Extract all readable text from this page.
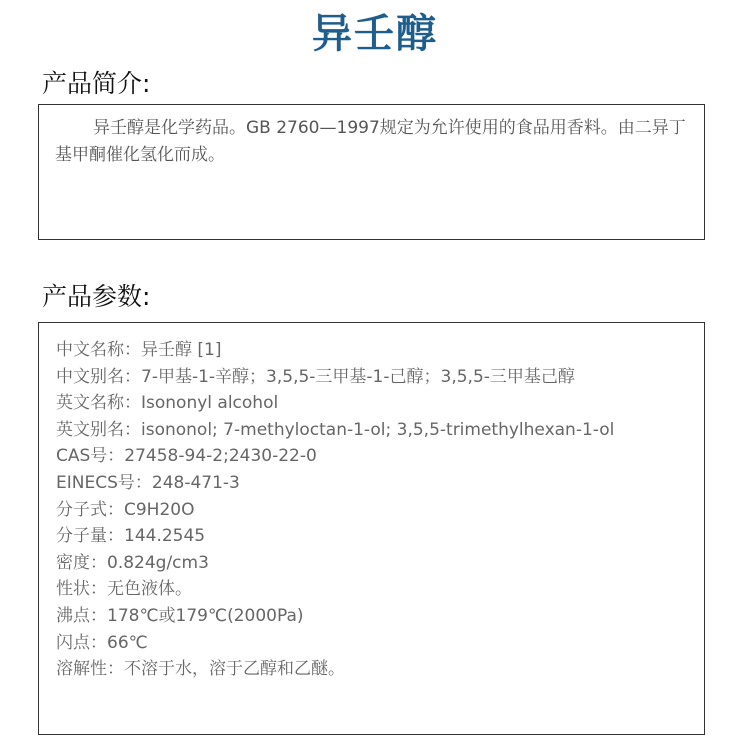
异壬醇
产品简介:
异壬醇是化学药品。GB 2760—1997规定为允许使用的食品用香料。由二异丁基甲酮催化氢化而成。
产品参数:
中文名称：异壬醇 [1]
中文别名：7-甲基-1-辛醇；3,5,5-三甲基-1-己醇；3,5,5-三甲基己醇
英文名称：Isononyl alcohol
英文别名：isononol; 7-methyloctan-1-ol; 3,5,5-trimethylhexan-1-ol
CAS号：27458-94-2;2430-22-0
EINECS号：248-471-3
分子式：C9H20O
分子量：144.2545
密度：0.824g/cm3
性状：无色液体。
沸点：178℃或179℃(2000Pa)
闪点：66℃
溶解性：不溶于水，溶于乙醇和乙醚。
